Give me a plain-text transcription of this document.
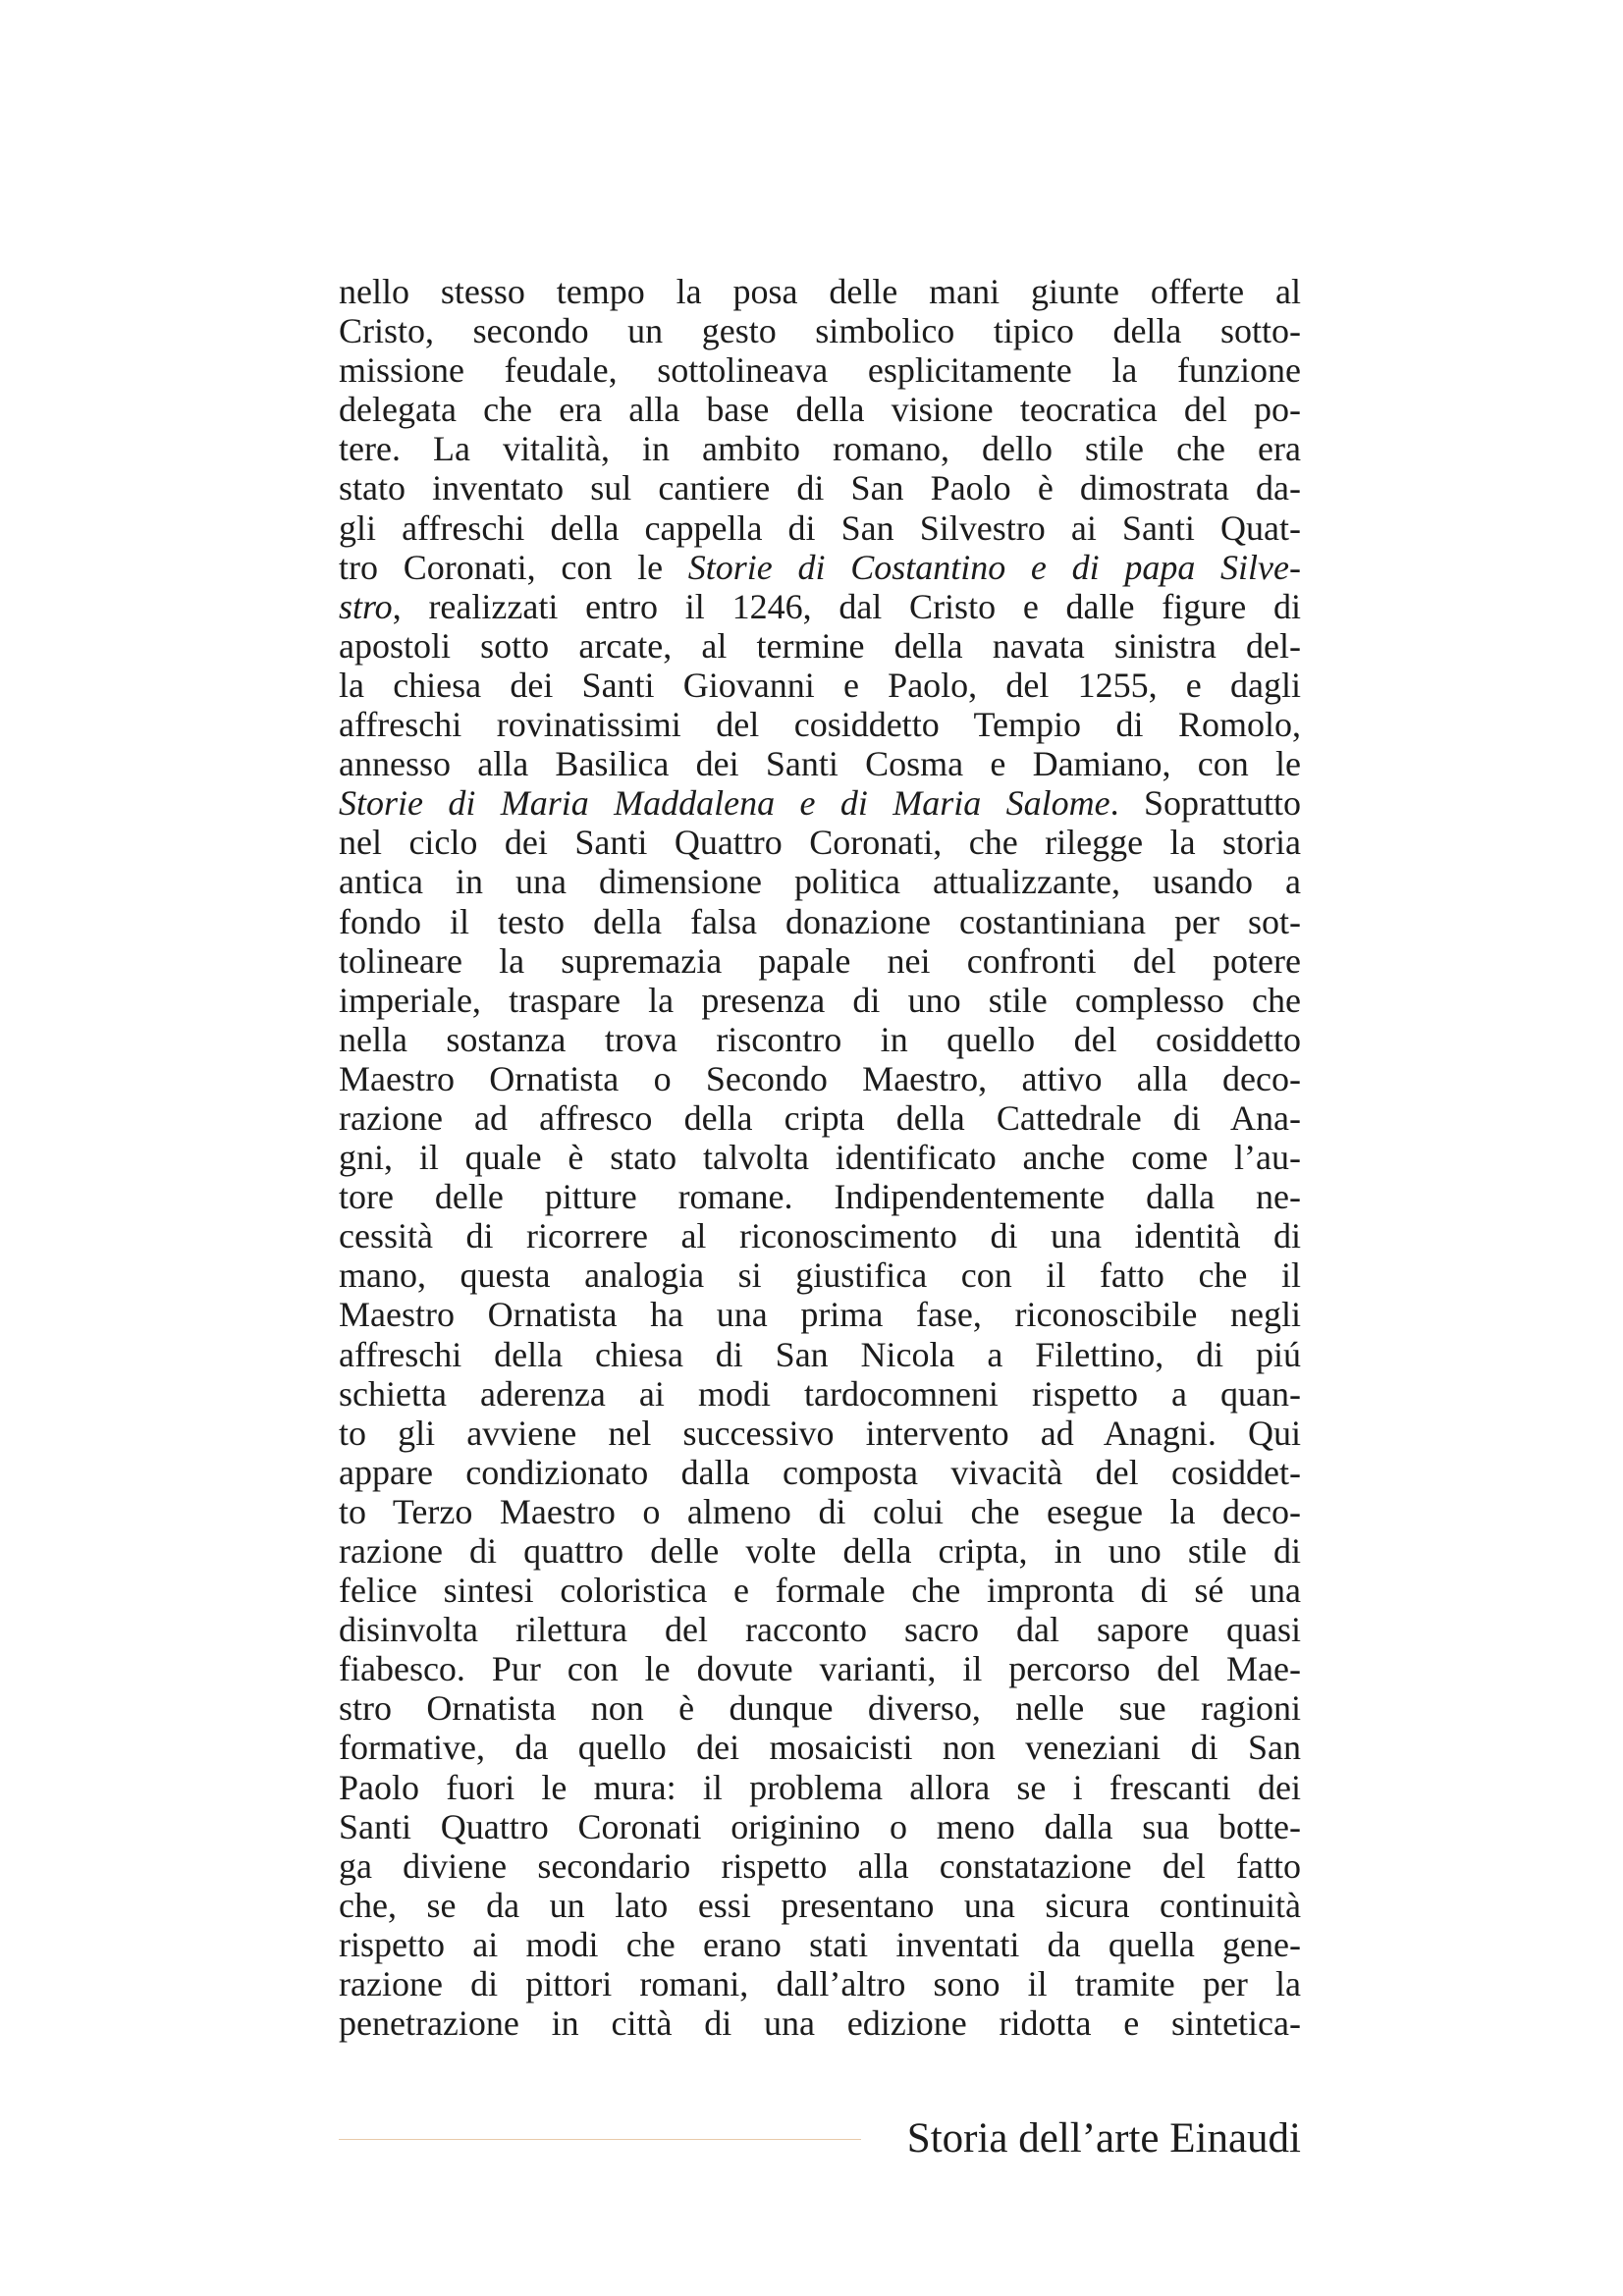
nello stesso tempo la posa delle mani giunte offerte al
Cristo, secondo un gesto simbolico tipico della sotto-
missione feudale, sottolineava esplicitamente la funzione
delegata che era alla base della visione teocratica del po-
tere. La vitalità, in ambito romano, dello stile che era
stato inventato sul cantiere di San Paolo è dimostrata da-
gli affreschi della cappella di San Silvestro ai Santi Quat-
tro Coronati, con le Storie di Costantino e di papa Silve-
stro, realizzati entro il 1246, dal Cristo e dalle figure di
apostoli sotto arcate, al termine della navata sinistra del-
la chiesa dei Santi Giovanni e Paolo, del 1255, e dagli
affreschi rovinatissimi del cosiddetto Tempio di Romolo,
annesso alla Basilica dei Santi Cosma e Damiano, con le
Storie di Maria Maddalena e di Maria Salome. Soprattutto
nel ciclo dei Santi Quattro Coronati, che rilegge la storia
antica in una dimensione politica attualizzante, usando a
fondo il testo della falsa donazione costantiniana per sot-
tolineare la supremazia papale nei confronti del potere
imperiale, traspare la presenza di uno stile complesso che
nella sostanza trova riscontro in quello del cosiddetto
Maestro Ornatista o Secondo Maestro, attivo alla deco-
razione ad affresco della cripta della Cattedrale di Ana-
gni, il quale è stato talvolta identificato anche come l’au-
tore delle pitture romane. Indipendentemente dalla ne-
cessità di ricorrere al riconoscimento di una identità di
mano, questa analogia si giustifica con il fatto che il
Maestro Ornatista ha una prima fase, riconoscibile negli
affreschi della chiesa di San Nicola a Filettino, di piú
schietta aderenza ai modi tardocomneni rispetto a quan-
to gli avviene nel successivo intervento ad Anagni. Qui
appare condizionato dalla composta vivacità del cosiddet-
to Terzo Maestro o almeno di colui che esegue la deco-
razione di quattro delle volte della cripta, in uno stile di
felice sintesi coloristica e formale che impronta di sé una
disinvolta rilettura del racconto sacro dal sapore quasi
fiabesco. Pur con le dovute varianti, il percorso del Mae-
stro Ornatista non è dunque diverso, nelle sue ragioni
formative, da quello dei mosaicisti non veneziani di San
Paolo fuori le mura: il problema allora se i frescanti dei
Santi Quattro Coronati originino o meno dalla sua botte-
ga diviene secondario rispetto alla constatazione del fatto
che, se da un lato essi presentano una sicura continuità
rispetto ai modi che erano stati inventati da quella gene-
razione di pittori romani, dall’altro sono il tramite per la
penetrazione in città di una edizione ridotta e sintetica-
Storia dell’arte Einaudi
